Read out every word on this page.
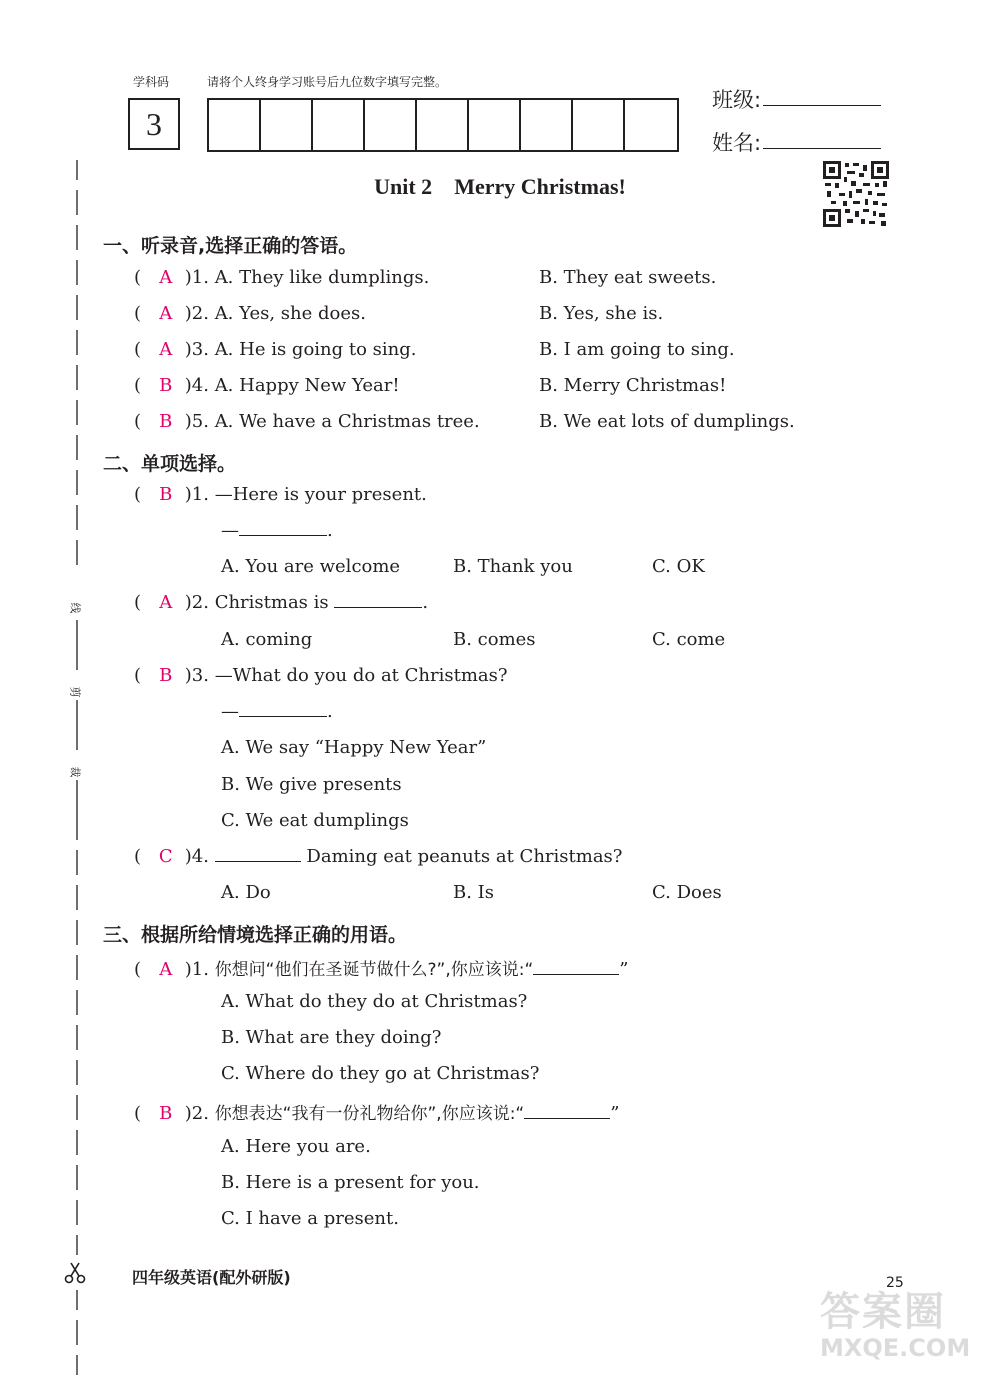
学科码	请将个人终身学习账号后九位数字填写完整。
3
班级:
姓名:
Unit 2 Merry Christmas!
线
剪
裁
一、听录音,选择正确的答语。
( A )1. A. They like dumplings.	B. They eat sweets.
( A )2. A. Yes, she does.	B. Yes, she is.
( A )3. A. He is going to sing.	B. I am going to sing.
( B )4. A. Happy New Year!	B. Merry Christmas!
( B )5. A. We have a Christmas tree.	B. We eat lots of dumplings.
二、单项选择。
( B )1. —Here is your present.
—	.
A. You are welcome	B. Thank you	C. OK
( A )2. Christmas is	.
A. coming	B. comes	C. come
( B )3. —What do you do at Christmas?
—	.
A. We say “Happy New Year”
B. We give presents
C. We eat dumplings
( C )4.	Daming eat peanuts at Christmas?
A. Do	B. Is	C. Does
三、根据所给情境选择正确的用语。
( A )1. 你想问“他们在圣诞节做什么?”,你应该说:“	”
A. What do they do at Christmas?
B. What are they doing?
C. Where do they go at Christmas?
( B )2. 你想表达“我有一份礼物给你”,你应该说:“	”
A. Here you are.
B. Here is a present for you.
C. I have a present.
四年级英语(配外研版)	25
答案圈
MXQE.COM
